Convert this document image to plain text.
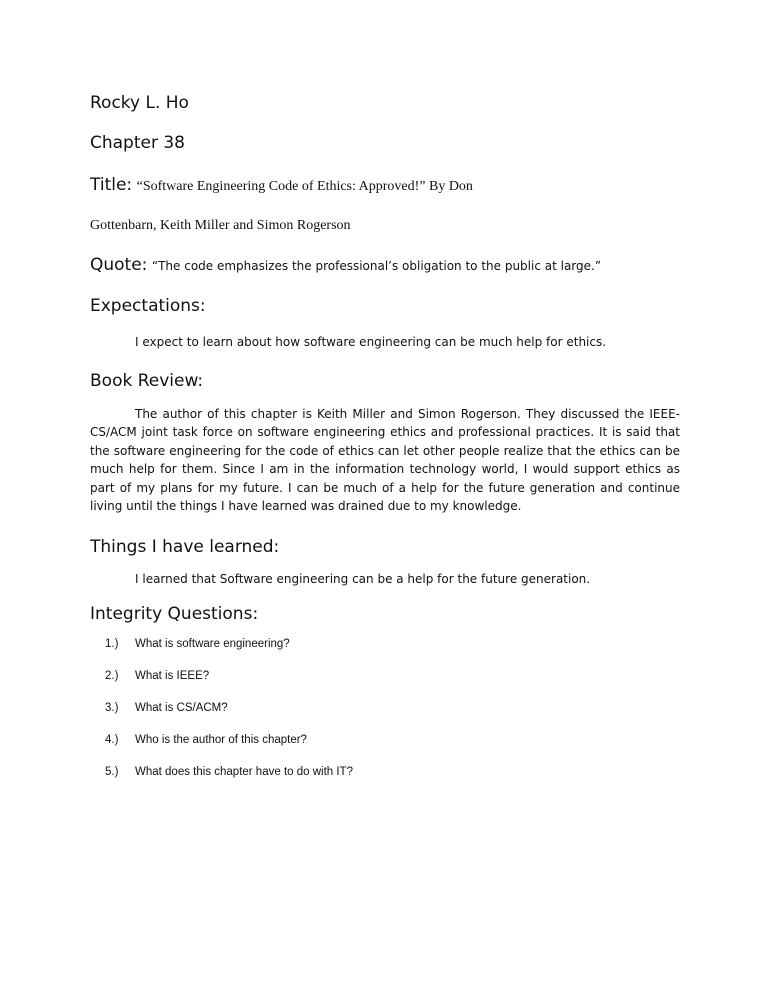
Rocky L. Ho
Chapter 38
Title: “Software Engineering Code of Ethics: Approved!” By Don
Gottenbarn, Keith Miller and Simon Rogerson
Quote: “The code emphasizes the professional’s obligation to the public at large.”
Expectations:
I expect to learn about how software engineering can be much help for ethics.
Book Review:
The author of this chapter is Keith Miller and Simon Rogerson. They discussed the IEEE-CS/ACM joint task force on software engineering ethics and professional practices. It is said that the software engineering for the code of ethics can let other people realize that the ethics can be much help for them. Since I am in the information technology world, I would support ethics as part of my plans for my future. I can be much of a help for the future generation and continue living until the things I have learned was drained due to my knowledge.
Things I have learned:
I learned that Software engineering can be a help for the future generation.
Integrity Questions:
1.) What is software engineering?
2.) What is IEEE?
3.) What is CS/ACM?
4.) Who is the author of this chapter?
5.) What does this chapter have to do with IT?
